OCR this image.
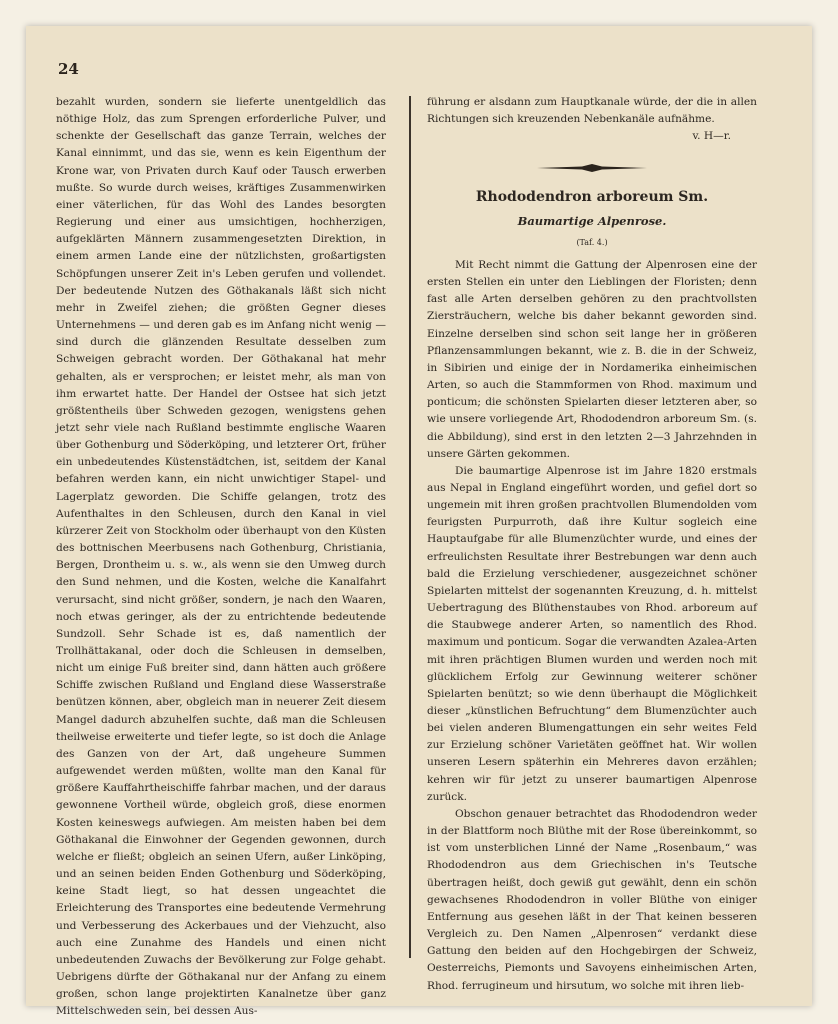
24

bezahlt wurden, sondern sie lieferte unentgeldlich das nöthige Holz, das zum Sprengen erforderliche Pulver, und schenkte der Gesellschaft das ganze Terrain, welches der Kanal einnimmt, und das sie, wenn es kein Eigenthum der Krone war, von Privaten durch Kauf oder Tausch erwerben mußte. So wurde durch weises, kräftiges Zusammenwirken einer väterlichen, für das Wohl des Landes besorgten Regierung und einer aus umsichtigen, hochherzigen, aufgeklärten Männern zusammengesetzten Direktion, in einem armen Lande eine der nützlichsten, großartigsten Schöpfungen unserer Zeit in's Leben gerufen und vollendet. Der bedeutende Nutzen des Göthakanals läßt sich nicht mehr in Zweifel ziehen; die größten Gegner dieses Unternehmens — und deren gab es im Anfang nicht wenig — sind durch die glänzenden Resultate desselben zum Schweigen gebracht worden. Der Göthakanal hat mehr gehalten, als er versprochen; er leistet mehr, als man von ihm erwartet hatte. Der Handel der Ostsee hat sich jetzt größtentheils über Schweden gezogen, wenigstens gehen jetzt sehr viele nach Rußland bestimmte englische Waaren über Gothenburg und Söderköping, und letzterer Ort, früher ein unbedeutendes Küstenstädtchen, ist, seitdem der Kanal befahren werden kann, ein nicht unwichtiger Stapel- und Lagerplatz geworden. Die Schiffe gelangen, trotz des Aufenthaltes in den Schleusen, durch den Kanal in viel kürzerer Zeit von Stockholm oder überhaupt von den Küsten des bottnischen Meerbusens nach Gothenburg, Christiania, Bergen, Drontheim u. s. w., als wenn sie den Umweg durch den Sund nehmen, und die Kosten, welche die Kanalfahrt verursacht, sind nicht größer, sondern, je nach den Waaren, noch etwas geringer, als der zu entrichtende bedeutende Sundzoll. Sehr Schade ist es, daß namentlich der Trollhättakanal, oder doch die Schleusen in demselben, nicht um einige Fuß breiter sind, dann hätten auch größere Schiffe zwischen Rußland und England diese Wasserstraße benützen können, aber, obgleich man in neuerer Zeit diesem Mangel dadurch abzuhelfen suchte, daß man die Schleusen theilweise erweiterte und tiefer legte, so ist doch die Anlage des Ganzen von der Art, daß ungeheure Summen aufgewendet werden müßten, wollte man den Kanal für größere Kauffahrtheischiffe fahrbar machen, und der daraus gewonnene Vortheil würde, obgleich groß, diese enormen Kosten keineswegs aufwiegen. Am meisten haben bei dem Göthakanal die Einwohner der Gegenden gewonnen, durch welche er fließt; obgleich an seinen Ufern, außer Linköping, und an seinen beiden Enden Gothenburg und Söderköping, keine Stadt liegt, so hat dessen ungeachtet die Erleichterung des Transportes eine bedeutende Vermehrung und Verbesserung des Ackerbaues und der Viehzucht, also auch eine Zunahme des Handels und einen nicht unbedeutenden Zuwachs der Bevölkerung zur Folge gehabt. Uebrigens dürfte der Göthakanal nur der Anfang zu einem großen, schon lange projektirten Kanalnetze über ganz Mittelschweden sein, bei dessen Aus-

führung er alsdann zum Hauptkanale würde, der die in allen Richtungen sich kreuzenden Nebenkanäle aufnähme.

v. H—r.
Rhododendron arboreum Sm.
Baumartige Alpenrose.
(Taf. 4.)

Mit Recht nimmt die Gattung der Alpenrosen eine der ersten Stellen ein unter den Lieblingen der Floristen; denn fast alle Arten derselben gehören zu den prachtvollsten Ziersträuchern, welche bis daher bekannt geworden sind. Einzelne derselben sind schon seit lange her in größeren Pflanzensammlungen bekannt, wie z. B. die in der Schweiz, in Sibirien und einige der in Nordamerika einheimischen Arten, so auch die Stammformen von Rhod. maximum und ponticum; die schönsten Spielarten dieser letzteren aber, so wie unsere vorliegende Art, Rhododendron arboreum Sm. (s. die Abbildung), sind erst in den letzten 2—3 Jahrzehnden in unsere Gärten gekommen.

Die baumartige Alpenrose ist im Jahre 1820 erstmals aus Nepal in England eingeführt worden, und gefiel dort so ungemein mit ihren großen prachtvollen Blumendolden vom feurigsten Purpurroth, daß ihre Kultur sogleich eine Hauptaufgabe für alle Blumenzüchter wurde, und eines der erfreulichsten Resultate ihrer Bestrebungen war denn auch bald die Erzielung verschiedener, ausgezeichnet schöner Spielarten mittelst der sogenannten Kreuzung, d. h. mittelst Uebertragung des Blüthenstaubes von Rhod. arboreum auf die Staubwege anderer Arten, so namentlich des Rhod. maximum und ponticum. Sogar die verwandten Azalea-Arten mit ihren prächtigen Blumen wurden und werden noch mit glücklichem Erfolg zur Gewinnung weiterer schöner Spielarten benützt; so wie denn überhaupt die Möglichkeit dieser „künstlichen Befruchtung“ dem Blumenzüchter auch bei vielen anderen Blumengattungen ein sehr weites Feld zur Erzielung schöner Varietäten geöffnet hat. Wir wollen unseren Lesern späterhin ein Mehreres davon erzählen; kehren wir für jetzt zu unserer baumartigen Alpenrose zurück.

Obschon genauer betrachtet das Rhododendron weder in der Blattform noch Blüthe mit der Rose übereinkommt, so ist vom unsterblichen Linné der Name „Rosenbaum,“ was Rhododendron aus dem Griechischen in's Teutsche übertragen heißt, doch gewiß gut gewählt, denn ein schön gewachsenes Rhododendron in voller Blüthe von einiger Entfernung aus gesehen läßt in der That keinen besseren Vergleich zu. Den Namen „Alpenrosen“ verdankt diese Gattung den beiden auf den Hochgebirgen der Schweiz, Oesterreichs, Piemonts und Savoyens einheimischen Arten, Rhod. ferrugineum und hirsutum, wo solche mit ihren lieb-
